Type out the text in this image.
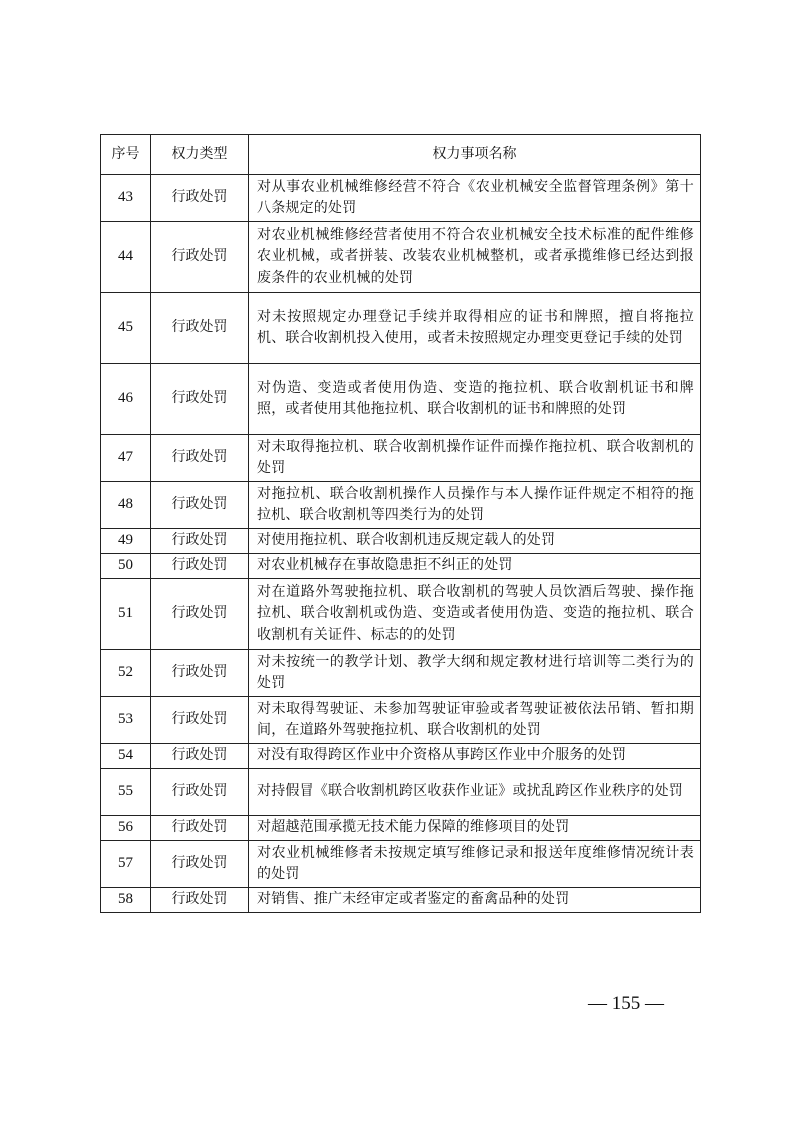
序号	权力类型	权力事项名称
43	行政处罚	对从事农业机械维修经营不符合《农业机械安全监督管理条例》第十八条规定的处罚
44	行政处罚	对农业机械维修经营者使用不符合农业机械安全技术标准的配件维修农业机械，或者拼装、改装农业机械整机，或者承揽维修已经达到报废条件的农业机械的处罚
45	行政处罚	对未按照规定办理登记手续并取得相应的证书和牌照，擅自将拖拉机、联合收割机投入使用，或者未按照规定办理变更登记手续的处罚
46	行政处罚	对伪造、变造或者使用伪造、变造的拖拉机、联合收割机证书和牌照，或者使用其他拖拉机、联合收割机的证书和牌照的处罚
47	行政处罚	对未取得拖拉机、联合收割机操作证件而操作拖拉机、联合收割机的处罚
48	行政处罚	对拖拉机、联合收割机操作人员操作与本人操作证件规定不相符的拖拉机、联合收割机等四类行为的处罚
49	行政处罚	对使用拖拉机、联合收割机违反规定载人的处罚
50	行政处罚	对农业机械存在事故隐患拒不纠正的处罚
51	行政处罚	对在道路外驾驶拖拉机、联合收割机的驾驶人员饮酒后驾驶、操作拖拉机、联合收割机或伪造、变造或者使用伪造、变造的拖拉机、联合收割机有关证件、标志的的处罚
52	行政处罚	对未按统一的教学计划、教学大纲和规定教材进行培训等二类行为的处罚
53	行政处罚	对未取得驾驶证、未参加驾驶证审验或者驾驶证被依法吊销、暂扣期间，在道路外驾驶拖拉机、联合收割机的处罚
54	行政处罚	对没有取得跨区作业中介资格从事跨区作业中介服务的处罚
55	行政处罚	对持假冒《联合收割机跨区收获作业证》或扰乱跨区作业秩序的处罚
56	行政处罚	对超越范围承揽无技术能力保障的维修项目的处罚
57	行政处罚	对农业机械维修者未按规定填写维修记录和报送年度维修情况统计表的处罚
58	行政处罚	对销售、推广未经审定或者鉴定的畜禽品种的处罚
— 155 —
